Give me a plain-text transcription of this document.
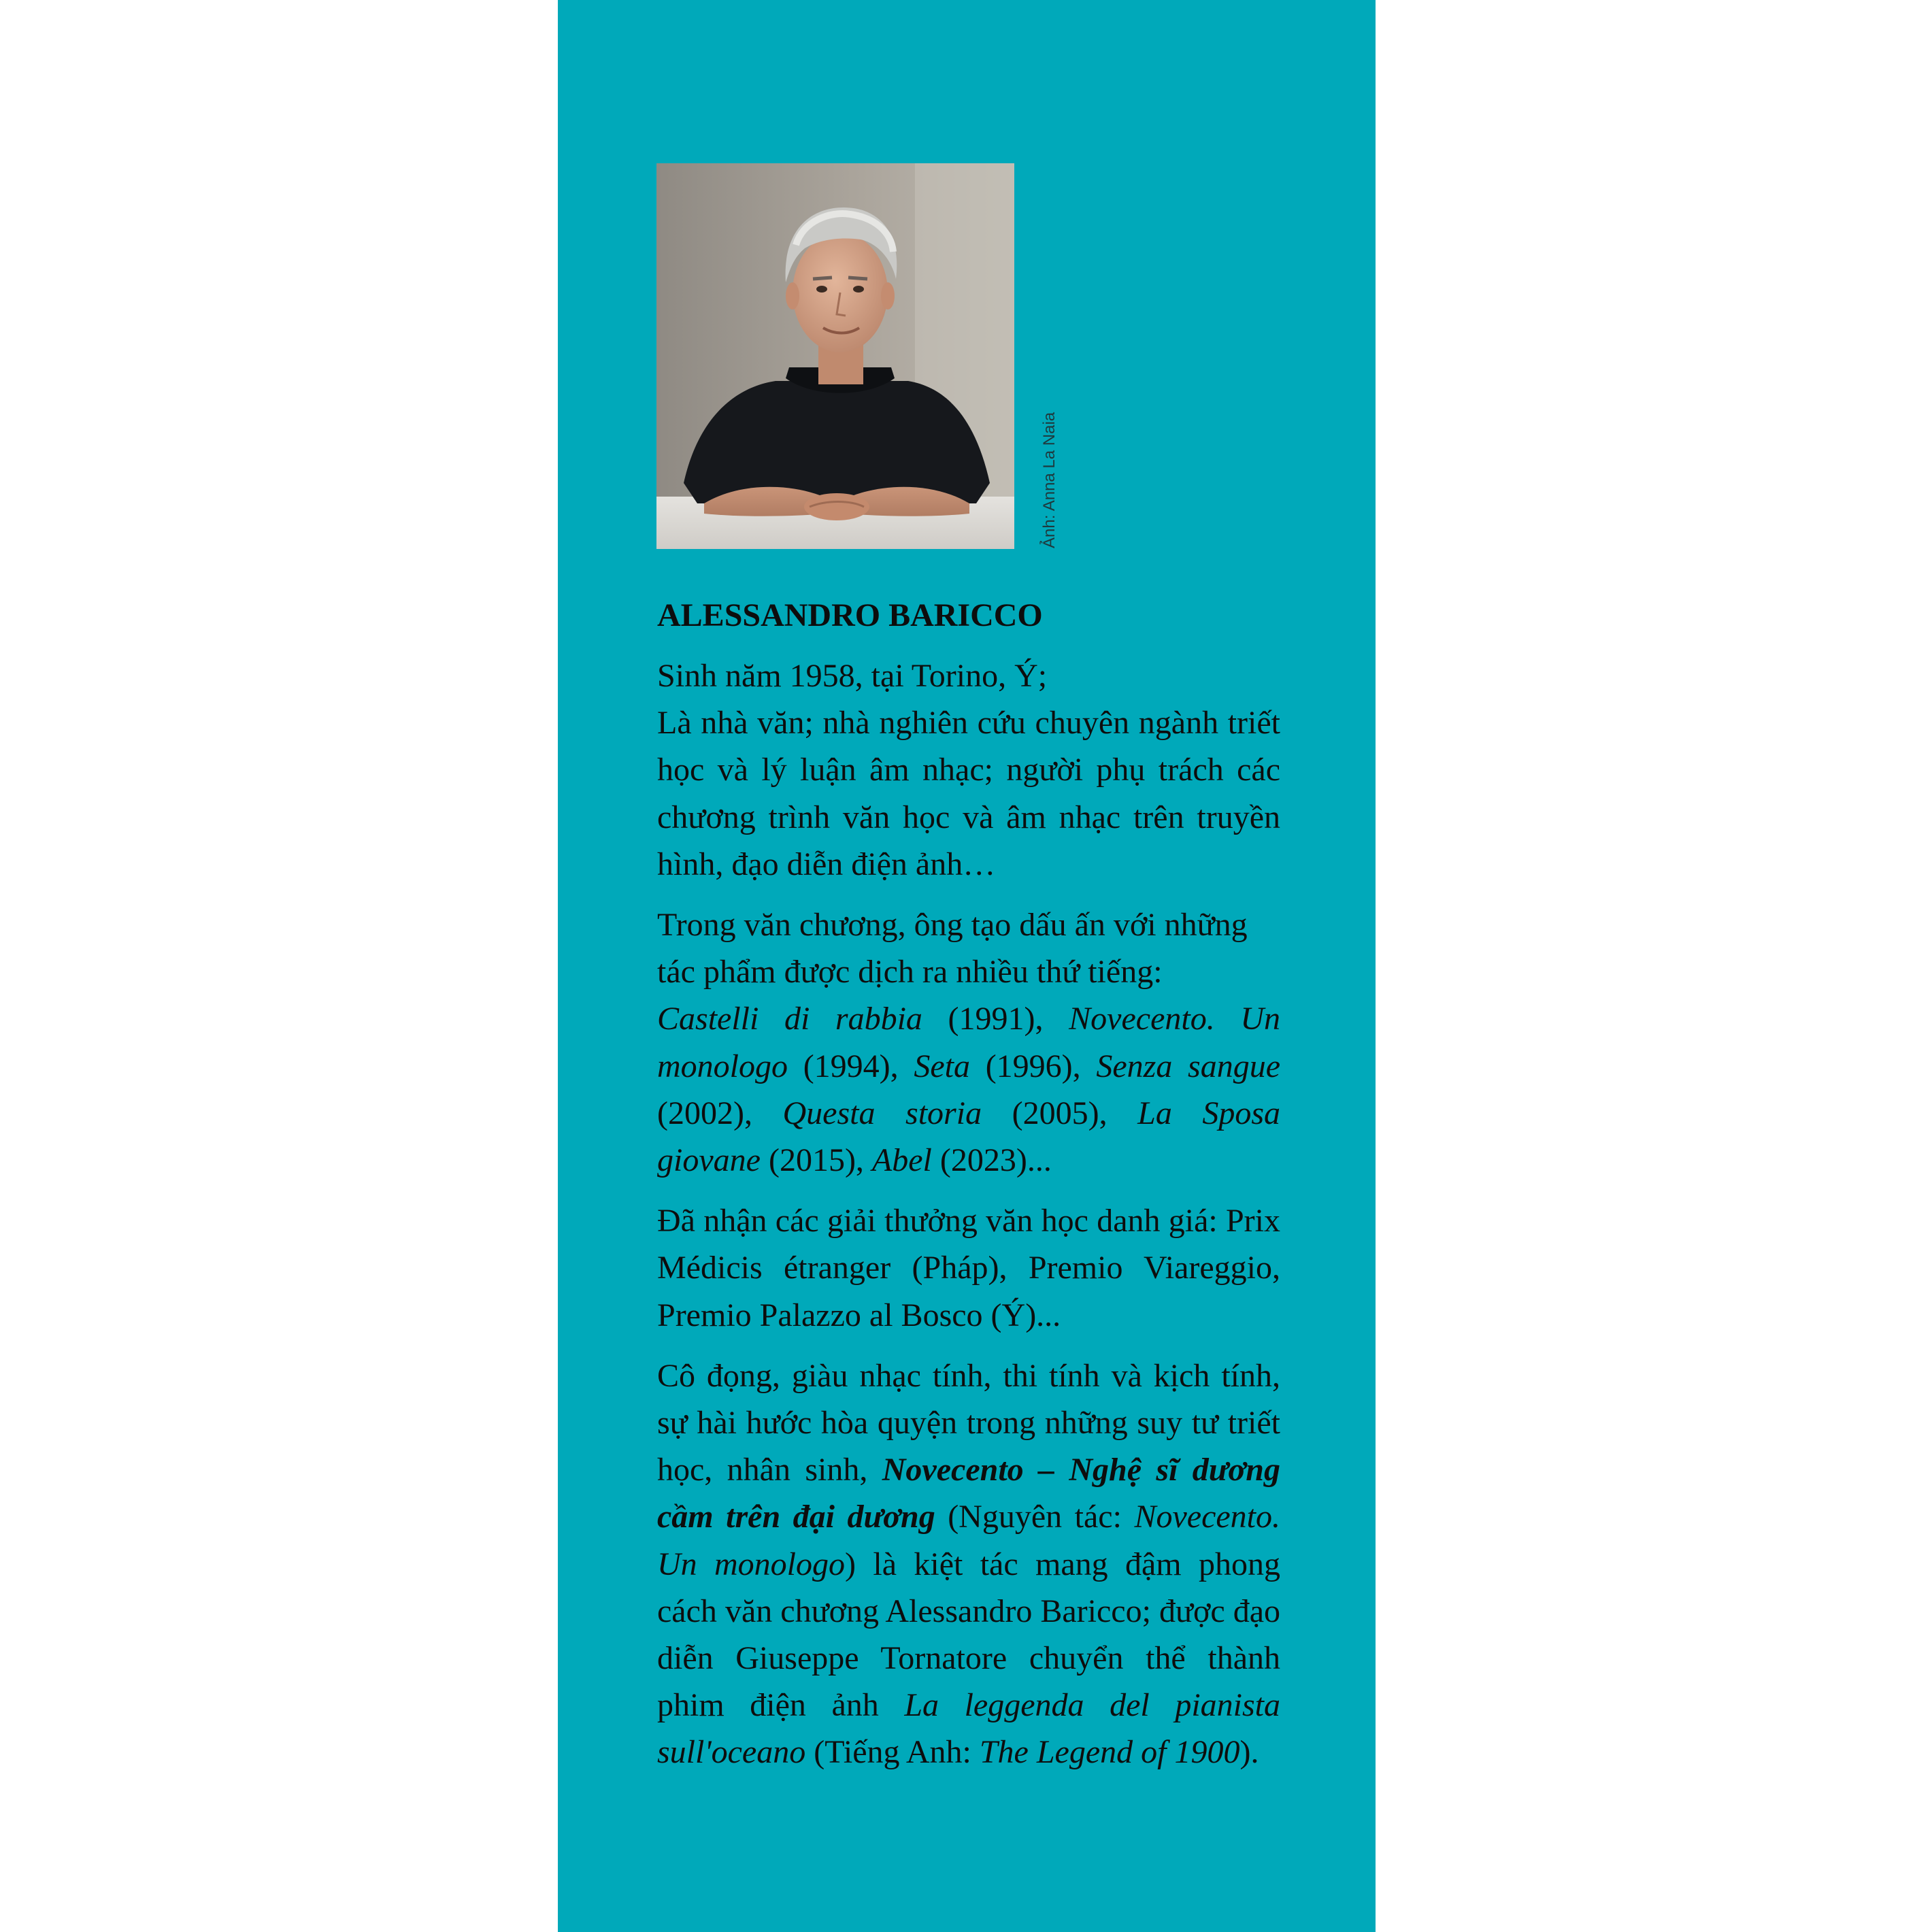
Ảnh: Anna La Naia
ALESSANDRO BARICCO
Sinh năm 1958, tại Torino, Ý;
Là nhà văn; nhà nghiên cứu chuyên ngành triết học và lý luận âm nhạc; người phụ trách các chương trình văn học và âm nhạc trên truyền hình, đạo diễn điện ảnh…
Trong văn chương, ông tạo dấu ấn với những
tác phẩm được dịch ra nhiều thứ tiếng:
Castelli di rabbia (1991), Novecento. Un monologo (1994), Seta (1996), Senza sangue (2002), Questa storia (2005), La Sposa giovane (2015), Abel (2023)...
Đã nhận các giải thưởng văn học danh giá: Prix Médicis étranger (Pháp), Premio Viareggio, Premio Palazzo al Bosco (Ý)...
Cô đọng, giàu nhạc tính, thi tính và kịch tính, sự hài hước hòa quyện trong những suy tư triết học, nhân sinh, Novecento – Nghệ sĩ dương cầm trên đại dương (Nguyên tác: Novecento. Un monologo) là kiệt tác mang đậm phong cách văn chương Alessandro Baricco; được đạo diễn Giuseppe Tornatore chuyển thể thành phim điện ảnh La leggenda del pianista sull'oceano (Tiếng Anh: The Legend of 1900).
